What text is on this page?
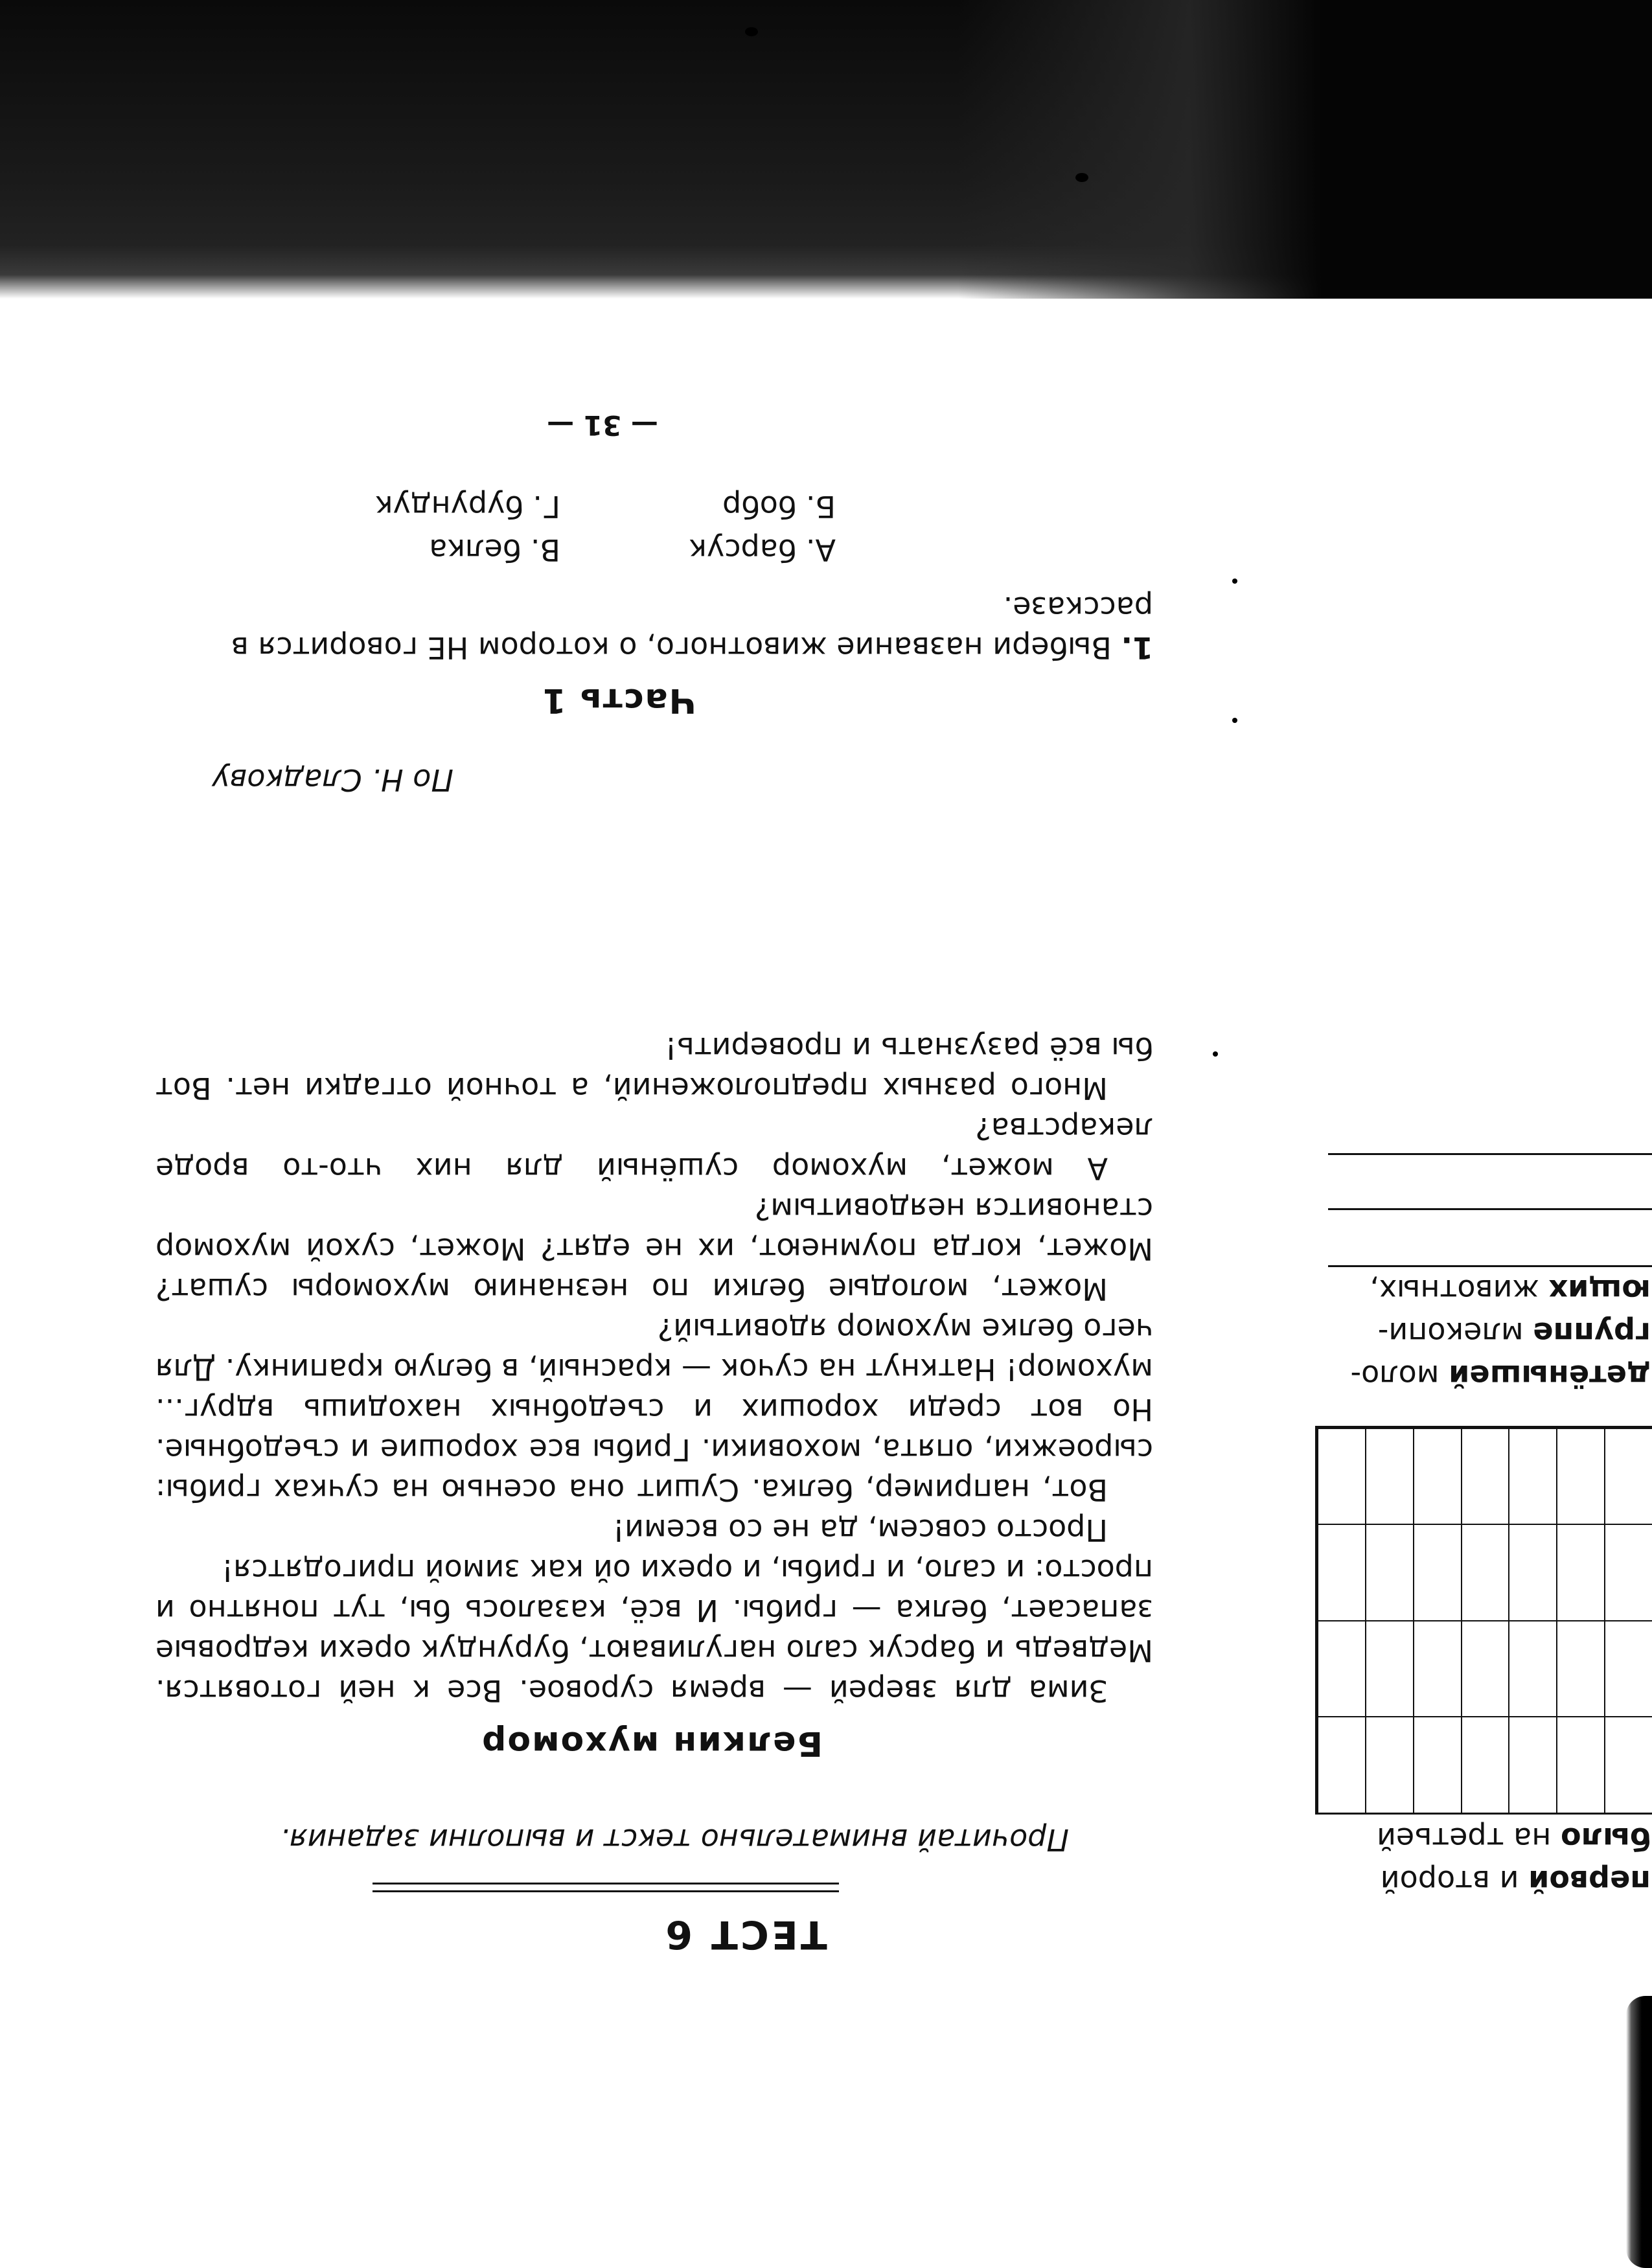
ТЕСТ 6
Прочитай внимательно текст и выполни задания.
Белкин мухомор

Зима для зверей — время суровое. Все к ней готовятся. Медведь и барсук сало нагуливают, бурундук орехи кедровые запасает, белка — грибы. И всё, казалось бы, тут понятно и просто: и сало, и грибы, и орехи ой как зимой пригодятся!

Просто совсем, да не со всеми!

Вот, например, белка. Сушит она осенью на сучках грибы: сыроежки, опята, моховики. Грибы все хорошие и съедобные. Но вот среди хороших и съедобных находишь вдруг... мухомор! Наткнут на сучок — красный, в белую крапинку. Для чего белке мухомор ядовитый?

Может, молодые белки по незнанию мухоморы сушат? Может, когда поумнеют, их не едят? Может, сухой мухомор становится неядовитым?

А может, мухомор сушёный для них что-то вроде лекарства?

Много разных предположений, а точной отгадки нет. Вот бы всё разузнать и проверить!

По Н. Сладкову
Часть 1
1. Выбери название животного, о котором НЕ говорится в рассказе.
А. барсук
Б. бобр
В. белка
Г. бурундук
— 31 —
первой и второй
было на третьей
детёнышей моло-
группе млекопи-
ющих животных,
